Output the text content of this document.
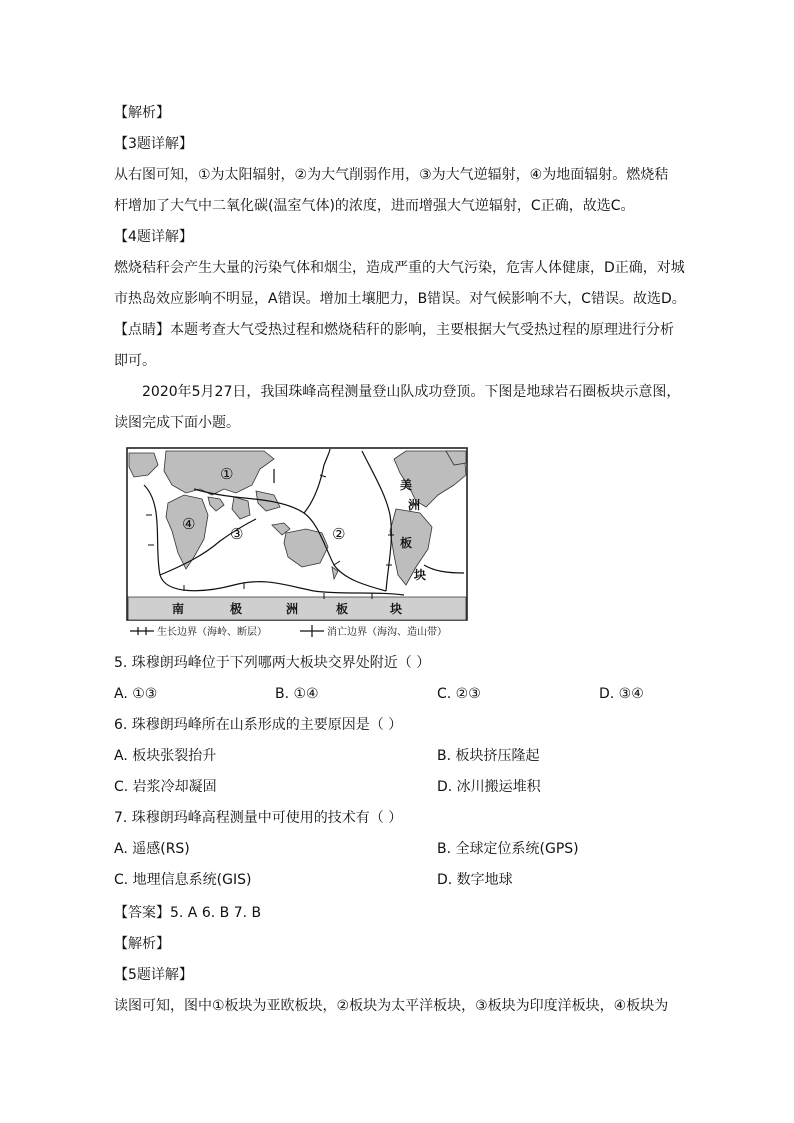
【解析】
【3题详解】
从右图可知，①为太阳辐射，②为大气削弱作用，③为大气逆辐射，④为地面辐射。燃烧秸
杆增加了大气中二氧化碳(温室气体)的浓度，进而增强大气逆辐射，C正确，故选C。
【4题详解】
燃烧秸秆会产生大量的污染气体和烟尘，造成严重的大气污染，危害人体健康，D正确，对城
市热岛效应影响不明显，A错误。增加土壤肥力，B错误。对气候影响不大，C错误。故选D。
【点睛】本题考查大气受热过程和燃烧秸秆的影响，主要根据大气受热过程的原理进行分析
即可。
2020年5月27日，我国珠峰高程测量登山队成功登顶。下图是地球岩石圈板块示意图，
读图完成下面小题。
①
②
③
④
美
洲
板
块
南	极	洲	板	块
生长边界（海岭、断层）	消亡边界（海沟、造山带）
5. 珠穆朗玛峰位于下列哪两大板块交界处附近（ ）
A. ①③	B. ①④	C. ②③	D. ③④
6. 珠穆朗玛峰所在山系形成的主要原因是（ ）
A. 板块张裂抬升	B. 板块挤压隆起
C. 岩浆冷却凝固	D. 冰川搬运堆积
7. 珠穆朗玛峰高程测量中可使用的技术有（ ）
A. 遥感(RS)	B. 全球定位系统(GPS)
C. 地理信息系统(GIS)	D. 数字地球
【答案】5. A 6. B 7. B
【解析】
【5题详解】
读图可知，图中①板块为亚欧板块，②板块为太平洋板块，③板块为印度洋板块，④板块为
